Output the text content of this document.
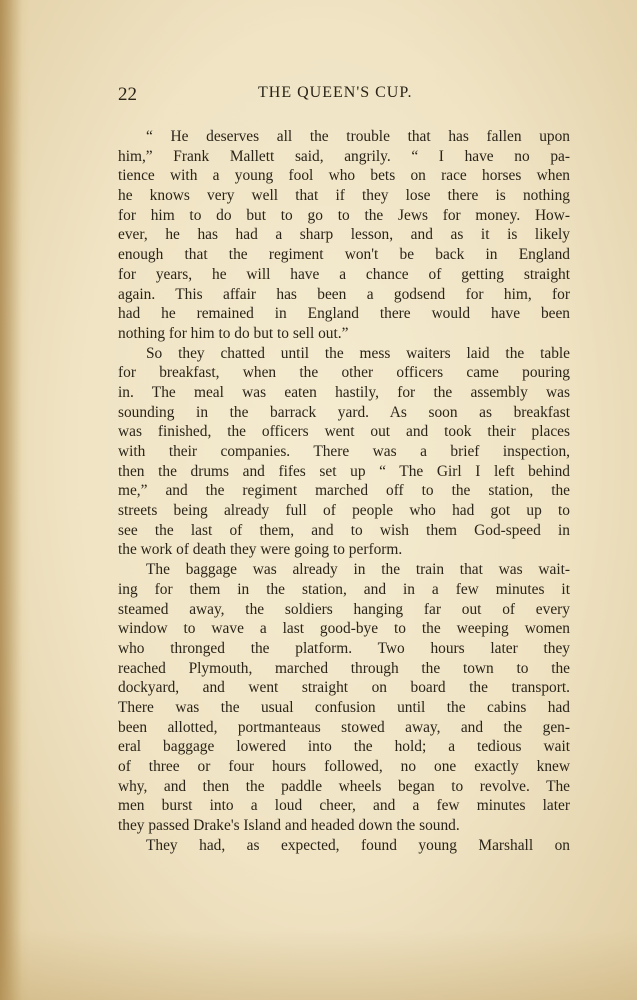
22	THE QUEEN'S CUP.
“ He deserves all the trouble that has fallen upon
him,” Frank Mallett said, angrily. “ I have no pa-
tience with a young fool who bets on race horses when
he knows very well that if they lose there is nothing
for him to do but to go to the Jews for money. How-
ever, he has had a sharp lesson, and as it is likely
enough that the regiment won't be back in England
for years, he will have a chance of getting straight
again. This affair has been a godsend for him, for
had he remained in England there would have been
nothing for him to do but to sell out.”
So they chatted until the mess waiters laid the table
for breakfast, when the other officers came pouring
in. The meal was eaten hastily, for the assembly was
sounding in the barrack yard. As soon as breakfast
was finished, the officers went out and took their places
with their companies. There was a brief inspection,
then the drums and fifes set up “ The Girl I left behind
me,” and the regiment marched off to the station, the
streets being already full of people who had got up to
see the last of them, and to wish them God-speed in
the work of death they were going to perform.
The baggage was already in the train that was wait-
ing for them in the station, and in a few minutes it
steamed away, the soldiers hanging far out of every
window to wave a last good-bye to the weeping women
who thronged the platform. Two hours later they
reached Plymouth, marched through the town to the
dockyard, and went straight on board the transport.
There was the usual confusion until the cabins had
been allotted, portmanteaus stowed away, and the gen-
eral baggage lowered into the hold; a tedious wait
of three or four hours followed, no one exactly knew
why, and then the paddle wheels began to revolve. The
men burst into a loud cheer, and a few minutes later
they passed Drake's Island and headed down the sound.
They had, as expected, found young Marshall on
